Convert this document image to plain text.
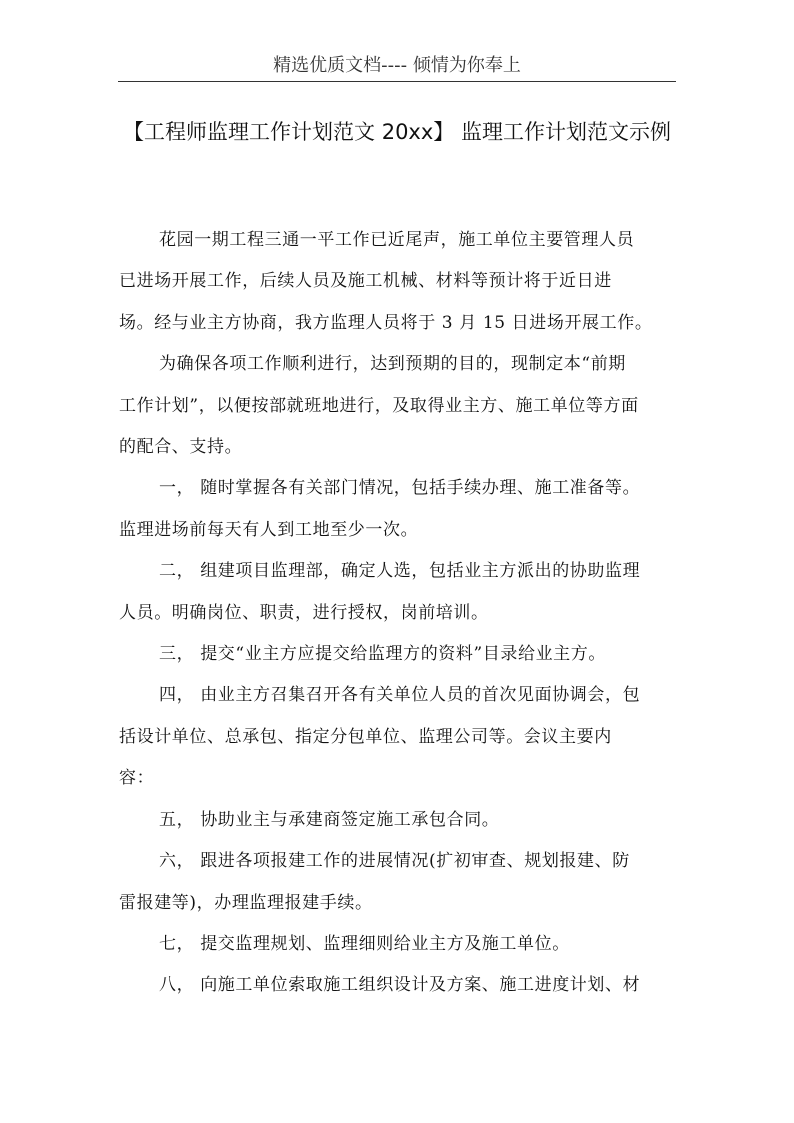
精选优质文档---- 倾情为你奉上
【工程师监理工作计划范文 20xx】 监理工作计划范文示例

花园一期工程三通一平工作已近尾声，施工单位主要管理人员
已进场开展工作，后续人员及施工机械、材料等预计将于近日进
场。经与业主方协商，我方监理人员将于 3 月 15 日进场开展工作。

为确保各项工作顺利进行，达到预期的目的，现制定本“前期
工作计划”，以便按部就班地进行，及取得业主方、施工单位等方面
的配合、支持。

一， 随时掌握各有关部门情况，包括手续办理、施工准备等。
监理进场前每天有人到工地至少一次。

二， 组建项目监理部，确定人选，包括业主方派出的协助监理
人员。明确岗位、职责，进行授权，岗前培训。

三， 提交“业主方应提交给监理方的资料”目录给业主方。

四， 由业主方召集召开各有关单位人员的首次见面协调会，包
括设计单位、总承包、指定分包单位、监理公司等。会议主要内
容：

五， 协助业主与承建商签定施工承包合同。

六， 跟进各项报建工作的进展情况(扩初审查、规划报建、防
雷报建等)，办理监理报建手续。

七， 提交监理规划、监理细则给业主方及施工单位。

八， 向施工单位索取施工组织设计及方案、施工进度计划、材
